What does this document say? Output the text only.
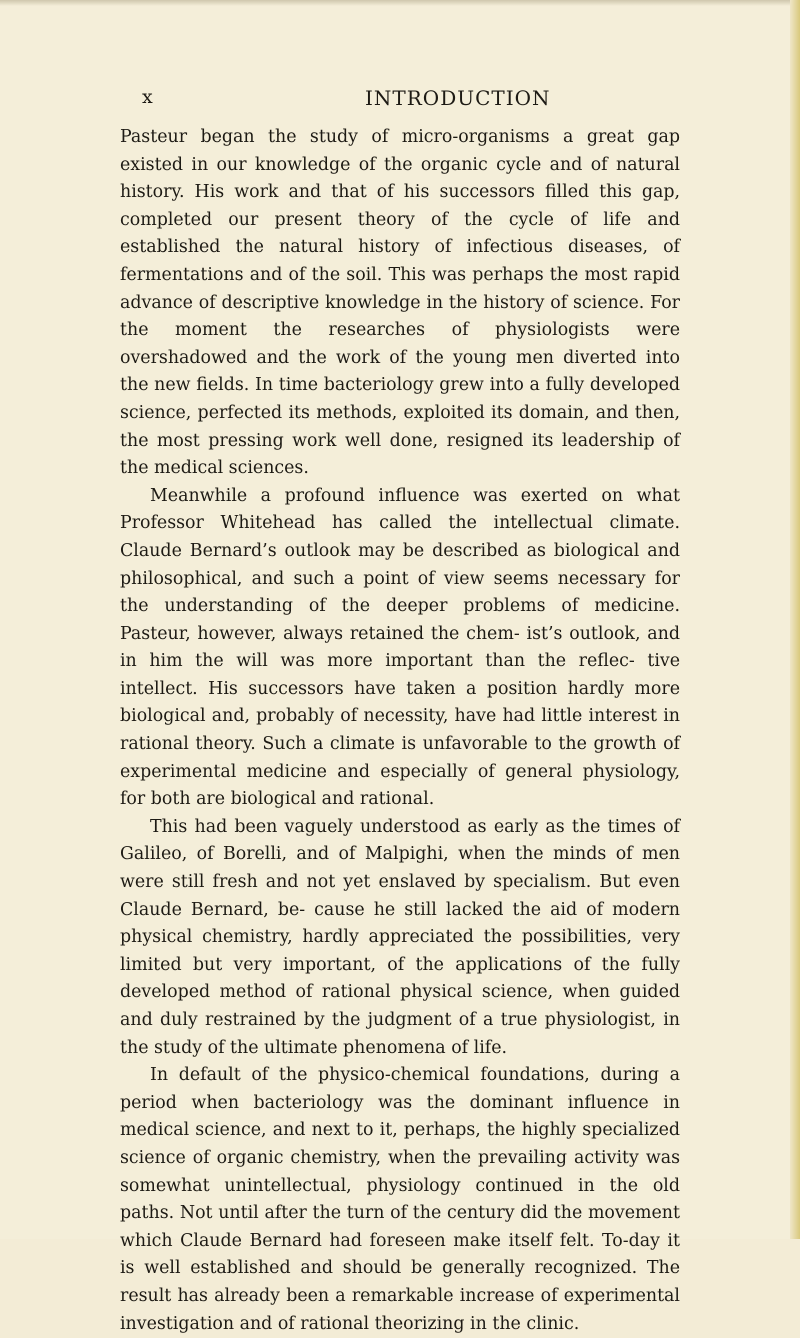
x	INTRODUCTION

Pasteur began the study of micro-organisms a great gap existed in our knowledge of the organic cycle and of natural history. His work and that of his successors filled this gap, completed our present theory of the cycle of life and established the natural history of infectious diseases, of fermentations and of the soil. This was perhaps the most rapid advance of descriptive knowledge in the history of science. For the moment the researches of physiologists were overshadowed and the work of the young men diverted into the new fields. In time bacteriology grew into a fully developed science, perfected its methods, exploited its domain, and then, the most pressing work well done, resigned its leadership of the medical sciences.

Meanwhile a profound influence was exerted on what Professor Whitehead has called the intellectual climate. Claude Bernard’s outlook may be described as biological and philosophical, and such a point of view seems necessary for the understanding of the deeper problems of medicine. Pasteur, however, always retained the chem- ist’s outlook, and in him the will was more important than the reflec- tive intellect. His successors have taken a position hardly more biological and, probably of necessity, have had little interest in rational theory. Such a climate is unfavorable to the growth of experimental medicine and especially of general physiology, for both are biological and rational.

This had been vaguely understood as early as the times of Galileo, of Borelli, and of Malpighi, when the minds of men were still fresh and not yet enslaved by specialism. But even Claude Bernard, be- cause he still lacked the aid of modern physical chemistry, hardly appreciated the possibilities, very limited but very important, of the applications of the fully developed method of rational physical science, when guided and duly restrained by the judgment of a true physiologist, in the study of the ultimate phenomena of life.

In default of the physico-chemical foundations, during a period when bacteriology was the dominant influence in medical science, and next to it, perhaps, the highly specialized science of organic chemistry, when the prevailing activity was somewhat unintellectual, physiology continued in the old paths. Not until after the turn of the century did the movement which Claude Bernard had foreseen make itself felt. To-day it is well established and should be generally recognized. The result has already been a remarkable increase of experimental investigation and of rational theorizing in the clinic.
